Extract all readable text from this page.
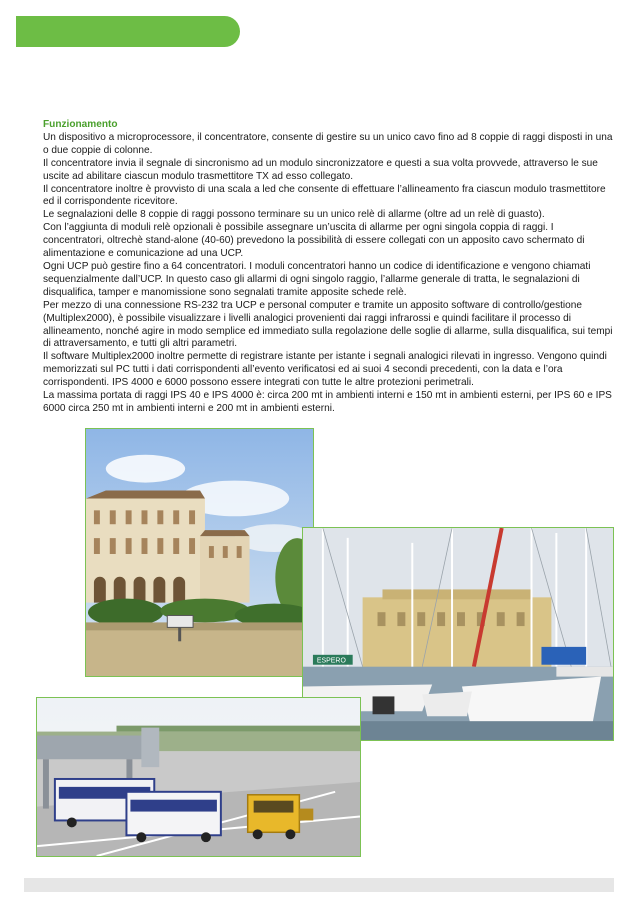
Funzionamento

Un dispositivo a microprocessore, il concentratore, consente di gestire su un unico cavo fino ad 8 coppie di raggi disposti in una o due coppie di colonne.

Il concentratore invia il segnale di sincronismo ad un modulo sincronizzatore e questi a sua volta provvede, attraverso le sue uscite ad abilitare ciascun modulo trasmettitore TX ad esso collegato.

Il concentratore inoltre è provvisto di una scala a led che consente di effettuare l’allineamento fra ciascun modulo trasmettitore ed il corrispondente ricevitore.

Le segnalazioni delle 8 coppie di raggi possono terminare su un unico relè di allarme (oltre ad un relè di guasto).

Con l’aggiunta di moduli relè opzionali è possibile assegnare un’uscita di allarme per ogni singola coppia di raggi. I concentratori, oltrechè stand-alone (40-60) prevedono la possibilità di essere collegati con un apposito cavo schermato di alimentazione e comunicazione ad una UCP.

Ogni UCP può gestire fino a 64 concentratori. I moduli concentratori hanno un codice di identificazione e vengono chiamati sequenzialmente dall’UCP. In questo caso gli allarmi di ogni singolo raggio, l’allarme generale di tratta, le segnalazioni di disqualifica, tamper e manomissione sono segnalati tramite apposite schede relè.

Per mezzo di una connessione RS-232 tra UCP e personal computer e tramite un apposito software di controllo/gestione (Multiplex2000), è possibile visualizzare i livelli analogici provenienti dai raggi infrarossi e quindi facilitare il processo di allineamento, nonché agire in modo semplice ed immediato sulla regolazione delle soglie di allarme, sulla disqualifica, sui tempi di attraversamento, e tutti gli altri parametri.

Il software Multiplex2000 inoltre permette di registrare istante per istante i segnali analogici rilevati in ingresso. Vengono quindi memorizzati sul PC tutti i dati corrispondenti all’evento verificatosi ed ai suoi 4 secondi precedenti, con la data e l’ora corrispondenti. IPS 4000 e 6000 possono essere integrati con tutte le altre protezioni perimetrali.

La massima portata di raggi IPS 40 e IPS 4000 è: circa 200 mt in ambienti interni e 150 mt in ambienti esterni, per IPS 60 e IPS 6000 circa 250 mt in ambienti interni e 200 mt in ambienti esterni.

ESPERO
